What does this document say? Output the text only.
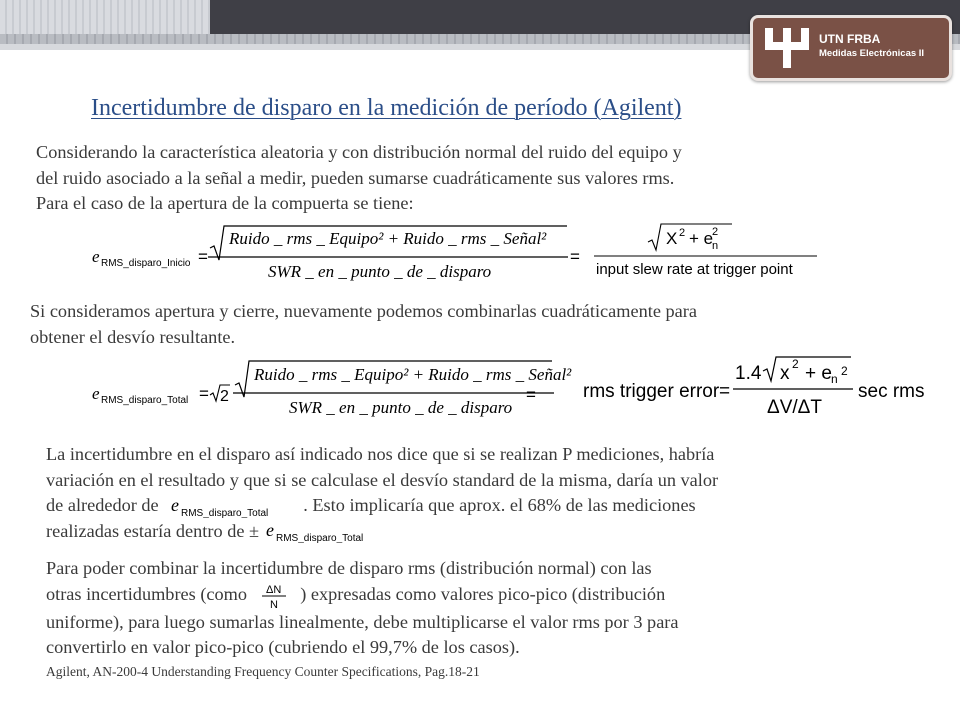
UTN FRBA
Medidas Electrónicas II
Incertidumbre de disparo en la medición de período (Agilent)
Considerando la característica aleatoria y con distribución normal del ruido del equipo y
del ruido asociado a la señal a medir, pueden sumarse cuadráticamente sus valores rms.
Para el caso de la apertura de la compuerta se tiene:
e RMS_disparo_Inicio =
Ruido _ rms _ Equipo² + Ruido _ rms _ Señal²
SWR _ en _ punto _ de _ disparo
=
X 2 + e
2
n
input slew rate at trigger point
Si consideramos apertura y cierre, nuevamente podemos combinarlas cuadráticamente para
obtener el desvío resultante.
e RMS_disparo_Total = 2
Ruido _ rms _ Equipo² + Ruido _ rms _ Señal²
SWR _ en _ punto _ de _ disparo
= rms trigger error =
1.4 x 2 + e n
2
ΔV/ΔT
sec rms
La incertidumbre en el disparo así indicado nos dice que si se realizan P mediciones, habría
variación en el resultado y que si se calculase el desvío standard de la misma, daría un valor
de alrededor de e RMS_disparo_Total . Esto implicaría que aprox. el 68% de las mediciones
realizadas estaría dentro de ± e RMS_disparo_Total
Para poder combinar la incertidumbre de disparo rms (distribución normal) con las
otras incertidumbres (como ΔN
N
) expresadas como valores pico-pico (distribución
uniforme), para luego sumarlas linealmente, debe multiplicarse el valor rms por 3 para
convertirlo en valor pico-pico (cubriendo el 99,7% de los casos).
Agilent, AN-200-4 Understanding Frequency Counter Specifications, Pag.18-21
